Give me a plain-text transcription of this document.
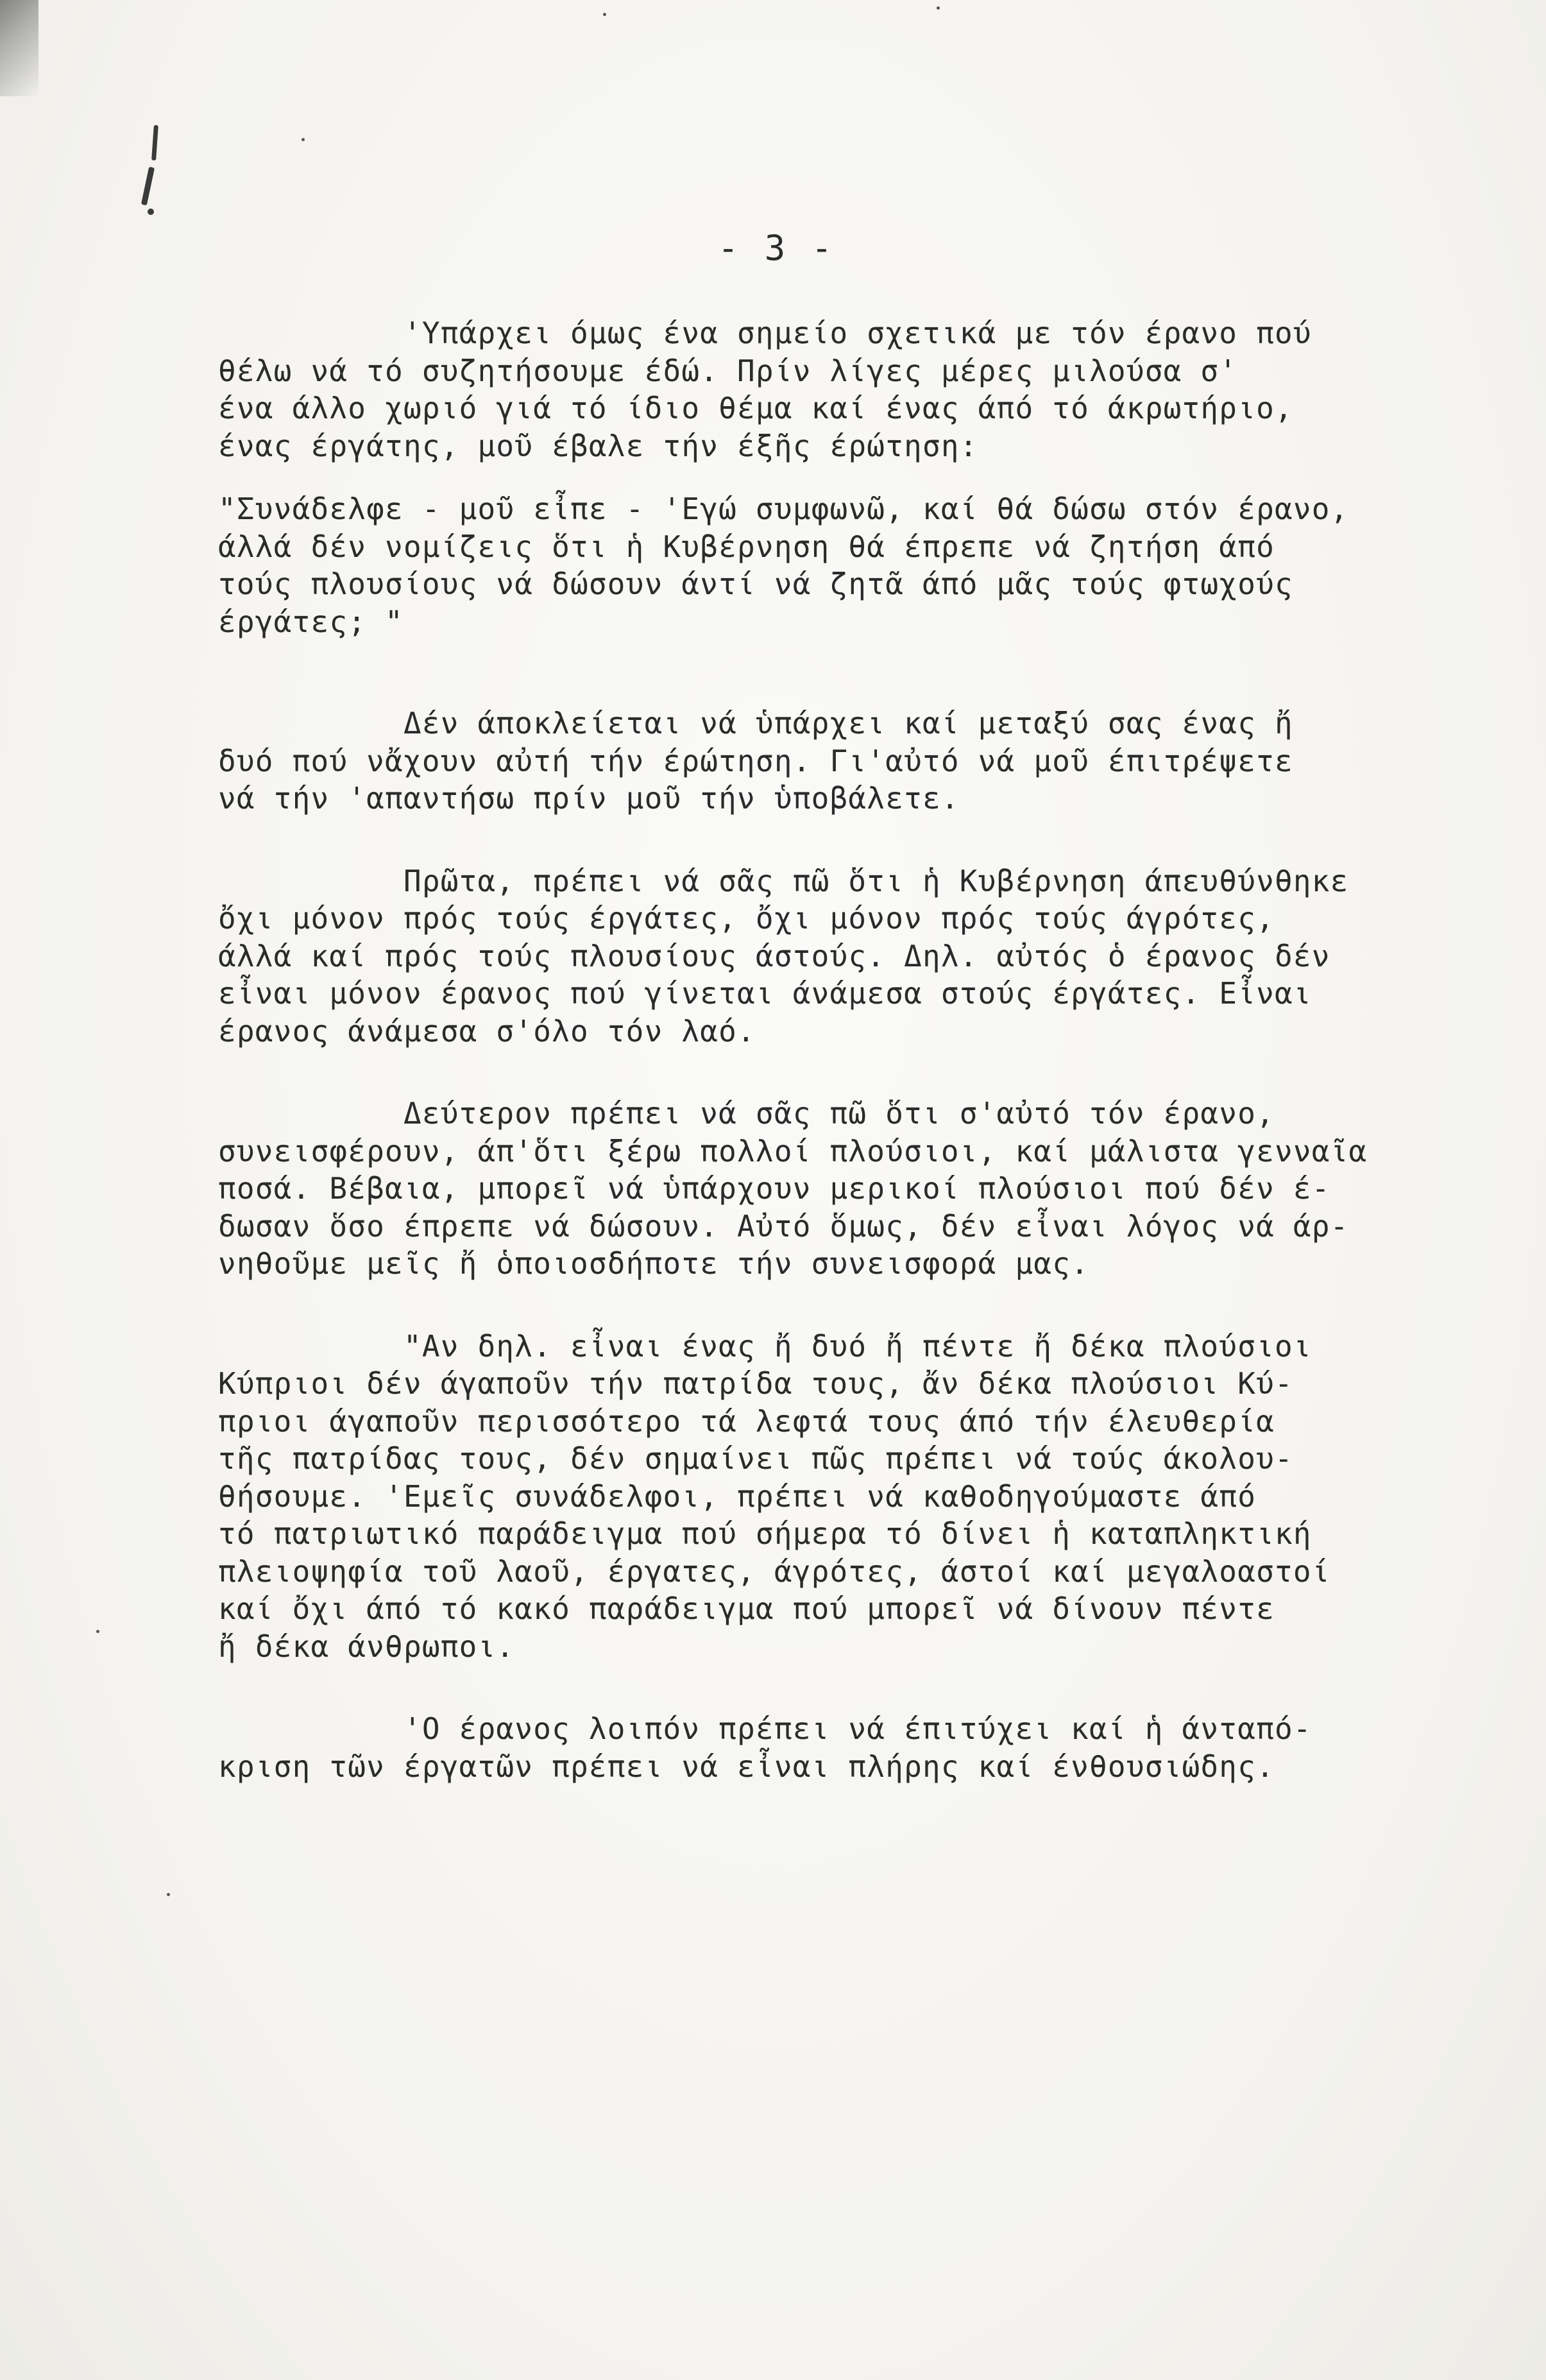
- 3 -
'Υπάρχει όμως ένα σημείο σχετικά με τόν έρανο πού
θέλω νά τό συζητήσουμε έδώ. Πρίν λίγες μέρες μιλούσα σ'
ένα άλλο χωριό γιά τό ίδιο θέμα καί ένας άπό τό άκρωτήριο,
ένας έργάτης, μοῦ έβαλε τήν έξῆς έρώτηση:
"Συνάδελφε - μοῦ εἶπε - 'Εγώ συμφωνῶ, καί θά δώσω στόν έρανο,
άλλά δέν νομίζεις ὅτι ἡ Κυβέρνηση θά έπρεπε νά ζητήση άπό
τούς πλουσίους νά δώσουν άντί νά ζητᾶ άπό μᾶς τούς φτωχούς
έργάτες; "
Δέν άποκλείεται νά ὑπάρχει καί μεταξύ σας ένας ἤ
δυό πού νἄχουν αὐτή τήν έρώτηση. Γι'αὐτό νά μοῦ έπιτρέψετε
νά τήν 'απαντήσω πρίν μοῦ τήν ὑποβάλετε.
Πρῶτα, πρέπει νά σᾶς πῶ ὅτι ἡ Κυβέρνηση άπευθύνθηκε
ὄχι μόνον πρός τούς έργάτες, ὄχι μόνον πρός τούς άγρότες,
άλλά καί πρός τούς πλουσίους άστούς. Δηλ. αὐτός ὁ έρανος δέν
εἶναι μόνον έρανος πού γίνεται άνάμεσα στούς έργάτες. Εἶναι
έρανος άνάμεσα σ'όλο τόν λαό.
Δεύτερον πρέπει νά σᾶς πῶ ὅτι σ'αὐτό τόν έρανο,
συνεισφέρουν, άπ'ὅτι ξέρω πολλοί πλούσιοι, καί μάλιστα γενναῖα
ποσά. Βέβαια, μπορεῖ νά ὑπάρχουν μερικοί πλούσιοι πού δέν έ-
δωσαν ὅσο έπρεπε νά δώσουν. Αὐτό ὅμως, δέν εἶναι λόγος νά άρ-
νηθοῦμε μεῖς ἤ ὁποιοσδήποτε τήν συνεισφορά μας.
"Αν δηλ. εἶναι ένας ἤ δυό ἤ πέντε ἤ δέκα πλούσιοι
Κύπριοι δέν άγαποῦν τήν πατρίδα τους, ἄν δέκα πλούσιοι Κύ-
πριοι άγαποῦν περισσότερο τά λεφτά τους άπό τήν έλευθερία
τῆς πατρίδας τους, δέν σημαίνει πῶς πρέπει νά τούς άκολου-
θήσουμε. 'Εμεῖς συνάδελφοι, πρέπει νά καθοδηγούμαστε άπό
τό πατριωτικό παράδειγμα πού σήμερα τό δίνει ἡ καταπληκτική
πλειοψηφία τοῦ λαοῦ, έργατες, άγρότες, άστοί καί μεγαλοαστοί
καί ὄχι άπό τό κακό παράδειγμα πού μπορεῖ νά δίνουν πέντε
ἤ δέκα άνθρωποι.
'Ο έρανος λοιπόν πρέπει νά έπιτύχει καί ἡ άνταπό-
κριση τῶν έργατῶν πρέπει νά εἶναι πλήρης καί ένθουσιώδης.
